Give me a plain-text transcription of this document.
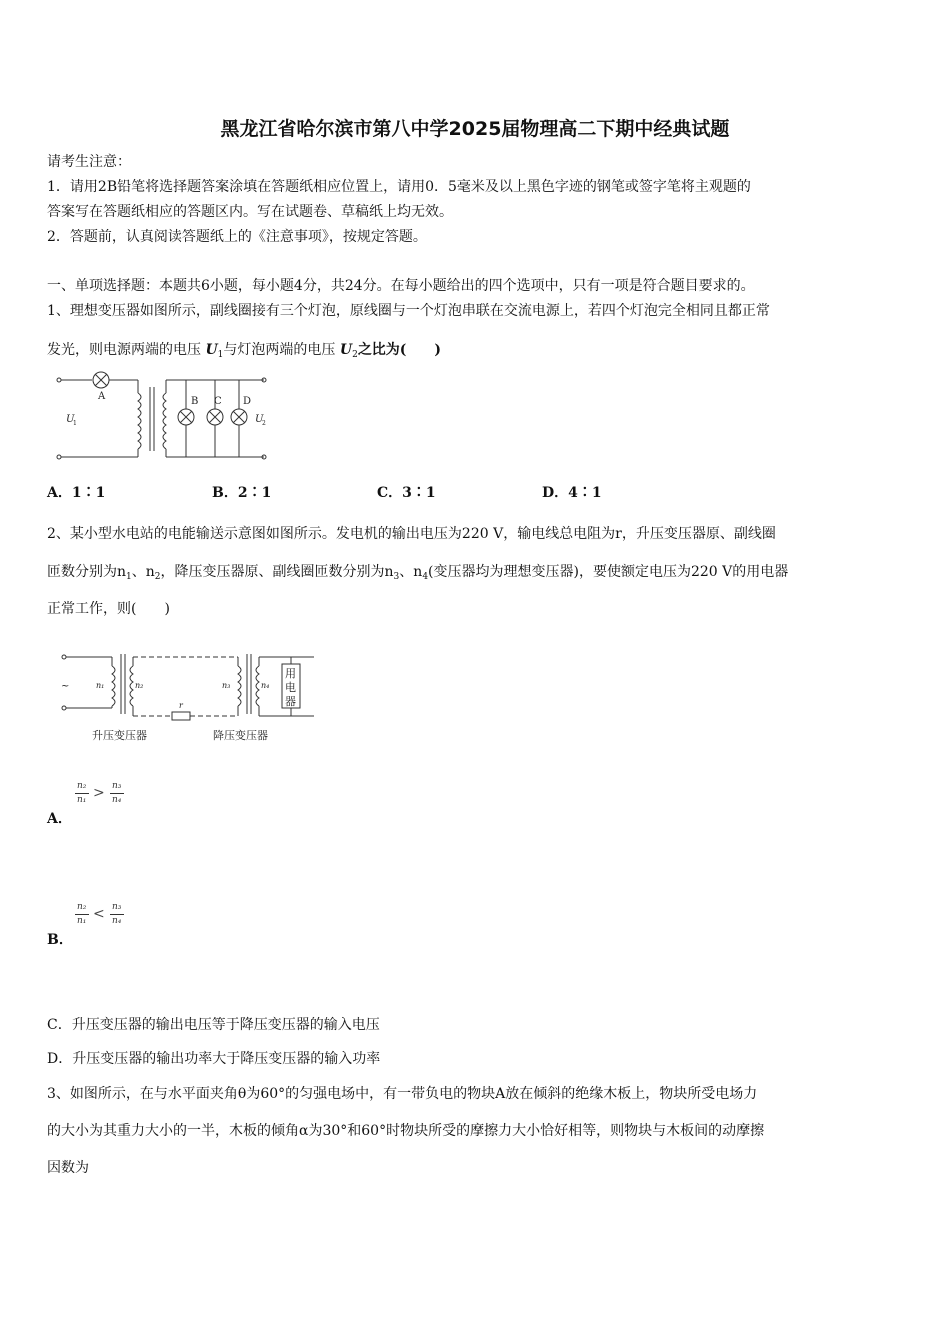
黑龙江省哈尔滨市第八中学2025届物理高二下期中经典试题
请考生注意：
1．请用2B铅笔将选择题答案涂填在答题纸相应位置上，请用0．5毫米及以上黑色字迹的钢笔或签字笔将主观题的
答案写在答题纸相应的答题区内。写在试题卷、草稿纸上均无效。
2．答题前，认真阅读答题纸上的《注意事项》，按规定答题。
一、单项选择题：本题共6小题，每小题4分，共24分。在每小题给出的四个选项中，只有一项是符合题目要求的。
1、理想变压器如图所示，副线圈接有三个灯泡，原线圈与一个灯泡串联在交流电源上，若四个灯泡完全相同且都正常
发光，则电源两端的电压 $U_1$与灯泡两端的电压 $U_2$之比为(　　)
A	B C D
U
1	U
2
A．1∶1	B．2∶1	C．3∶1	D．4∶1
2、某小型水电站的电能输送示意图如图所示。发电机的输出电压为220 V，输电线总电阻为r，升压变压器原、副线圈
匝数分别为$n_1$、$n_2$，降压变压器原、副线圈匝数分别为$n_3$、$n_4$(变压器均为理想变压器)，要使额定电压为220 V的用电器
正常工作，则(　　)
~	n₁	n₂
r
n₃	n₄
用
电
器
升压变压器	降压变压器
A．
n₂
n₁ > n₃
n₄
B．
n₂
n₁ < n₃
n₄
C．升压变压器的输出电压等于降压变压器的输入电压
D．升压变压器的输出功率大于降压变压器的输入功率
3、如图所示，在与水平面夹角θ为60°的匀强电场中，有一带负电的物块A放在倾斜的绝缘木板上，物块所受电场力
的大小为其重力大小的一半，木板的倾角α为30°和60°时物块所受的摩擦力大小恰好相等，则物块与木板间的动摩擦
因数为
